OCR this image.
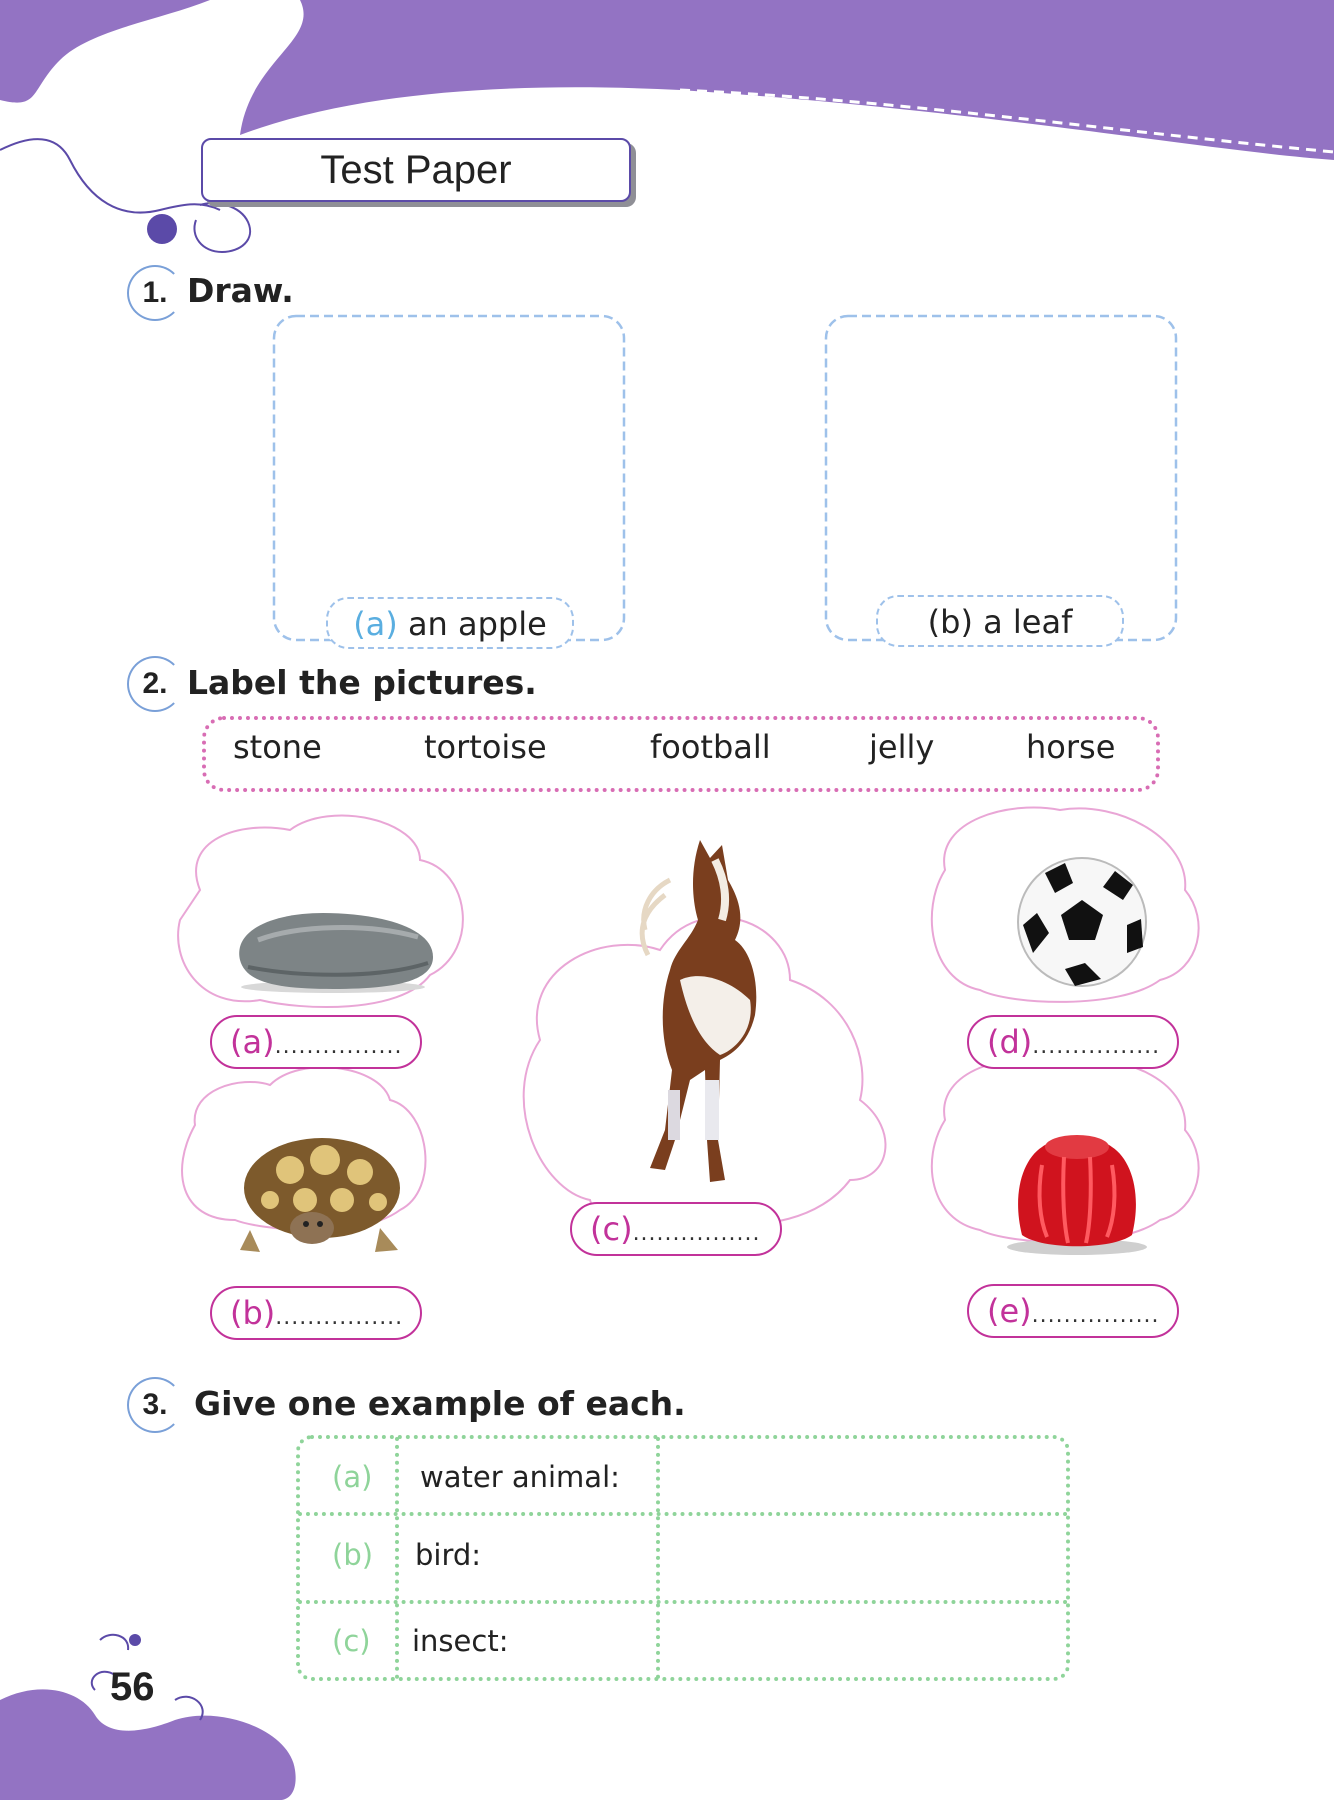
Test Paper
1. Draw.
(a) an apple	(b) a leaf
2. Label the pictures.
stone	tortoise	football	jelly	horse
(a)................
(b)................
(c)................
(d)................
(e)................
3. Give one example of each.
(a) water animal:
(b) bird:
(c) insect:
56
